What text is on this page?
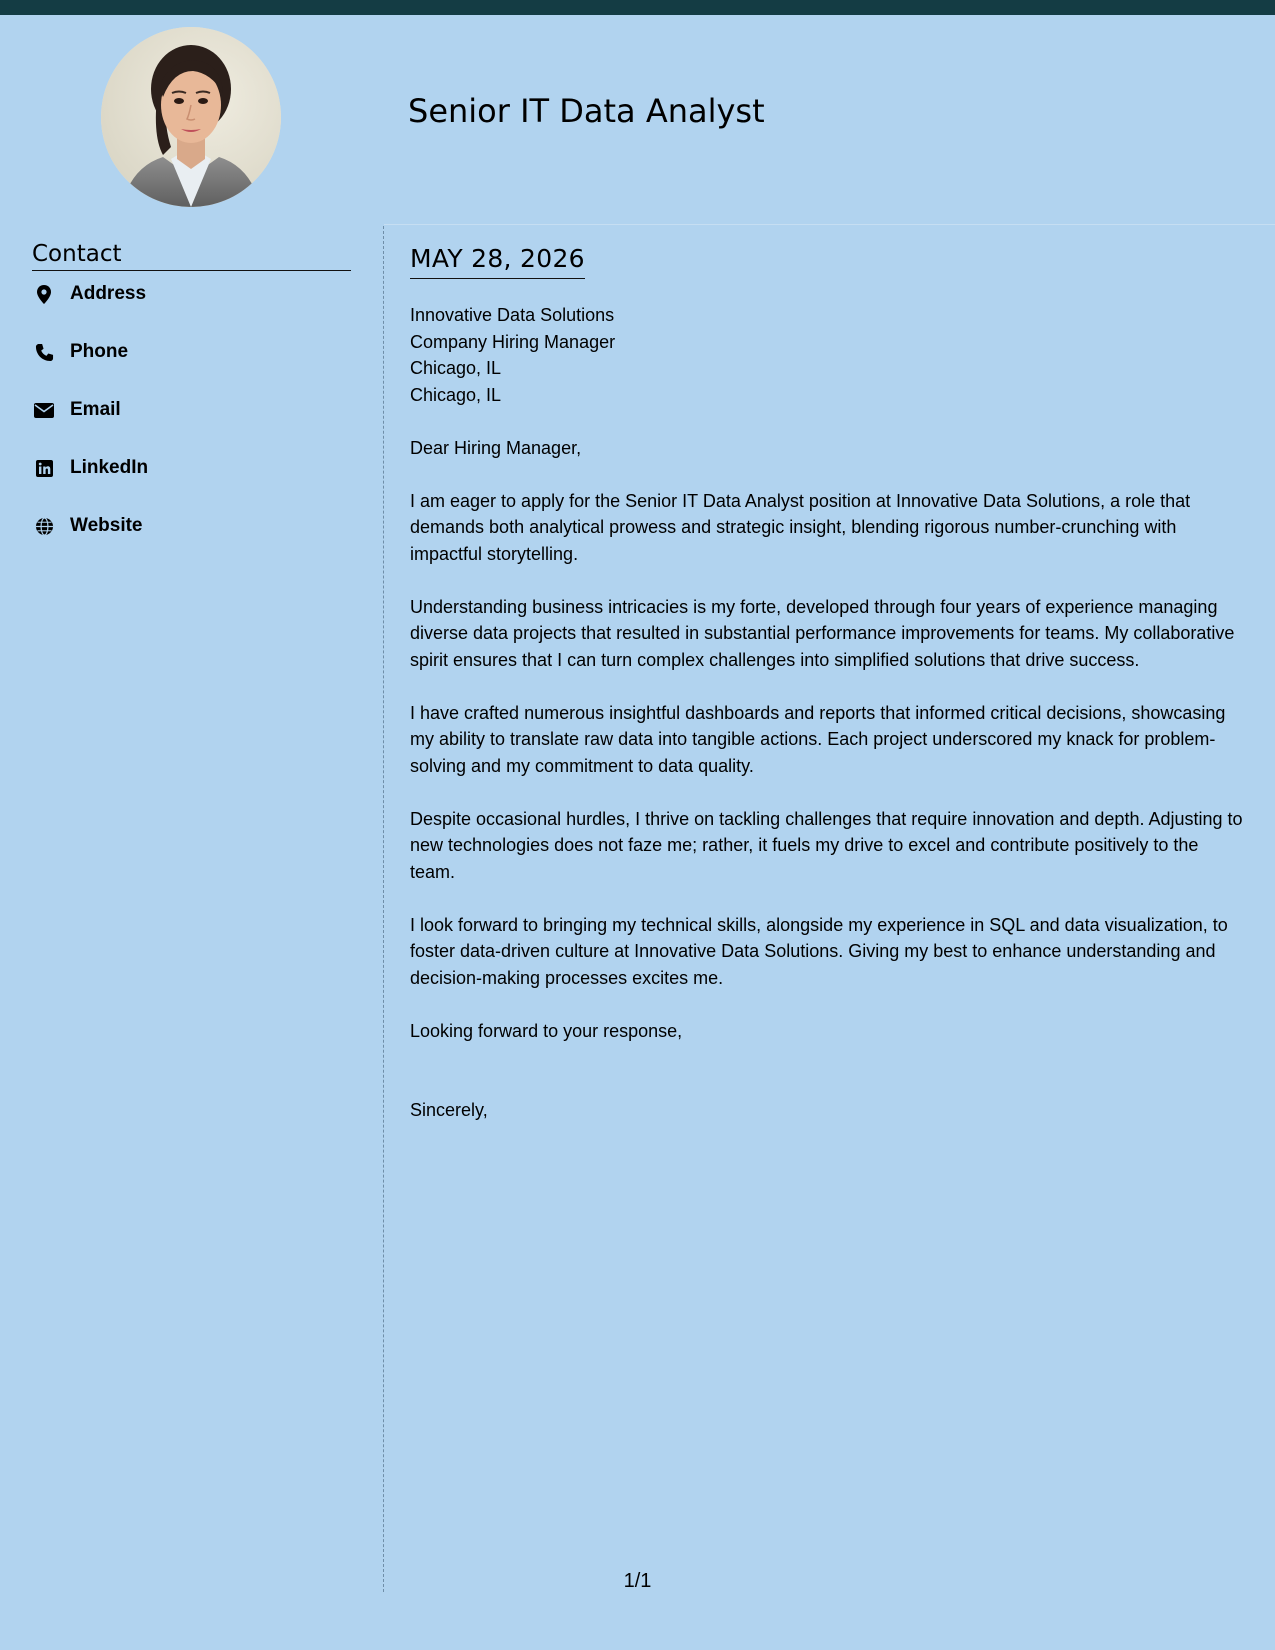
Senior IT Data Analyst
Contact
Address
Phone
Email
LinkedIn
Website
MAY 28, 2026

Innovative Data Solutions
Company Hiring Manager
Chicago, IL
Chicago, IL

Dear Hiring Manager,

I am eager to apply for the Senior IT Data Analyst position at Innovative Data Solutions, a role that demands both analytical prowess and strategic insight, blending rigorous number-crunching with impactful storytelling.

Understanding business intricacies is my forte, developed through four years of experience managing diverse data projects that resulted in substantial performance improvements for teams. My collaborative spirit ensures that I can turn complex challenges into simplified solutions that drive success.

I have crafted numerous insightful dashboards and reports that informed critical decisions, showcasing my ability to translate raw data into tangible actions. Each project underscored my knack for problem-solving and my commitment to data quality.

Despite occasional hurdles, I thrive on tackling challenges that require innovation and depth. Adjusting to new technologies does not faze me; rather, it fuels my drive to excel and contribute positively to the team.

I look forward to bringing my technical skills, alongside my experience in SQL and data visualization, to foster data-driven culture at Innovative Data Solutions. Giving my best to enhance understanding and decision-making processes excites me.

Looking forward to your response,

Sincerely,

1/1
